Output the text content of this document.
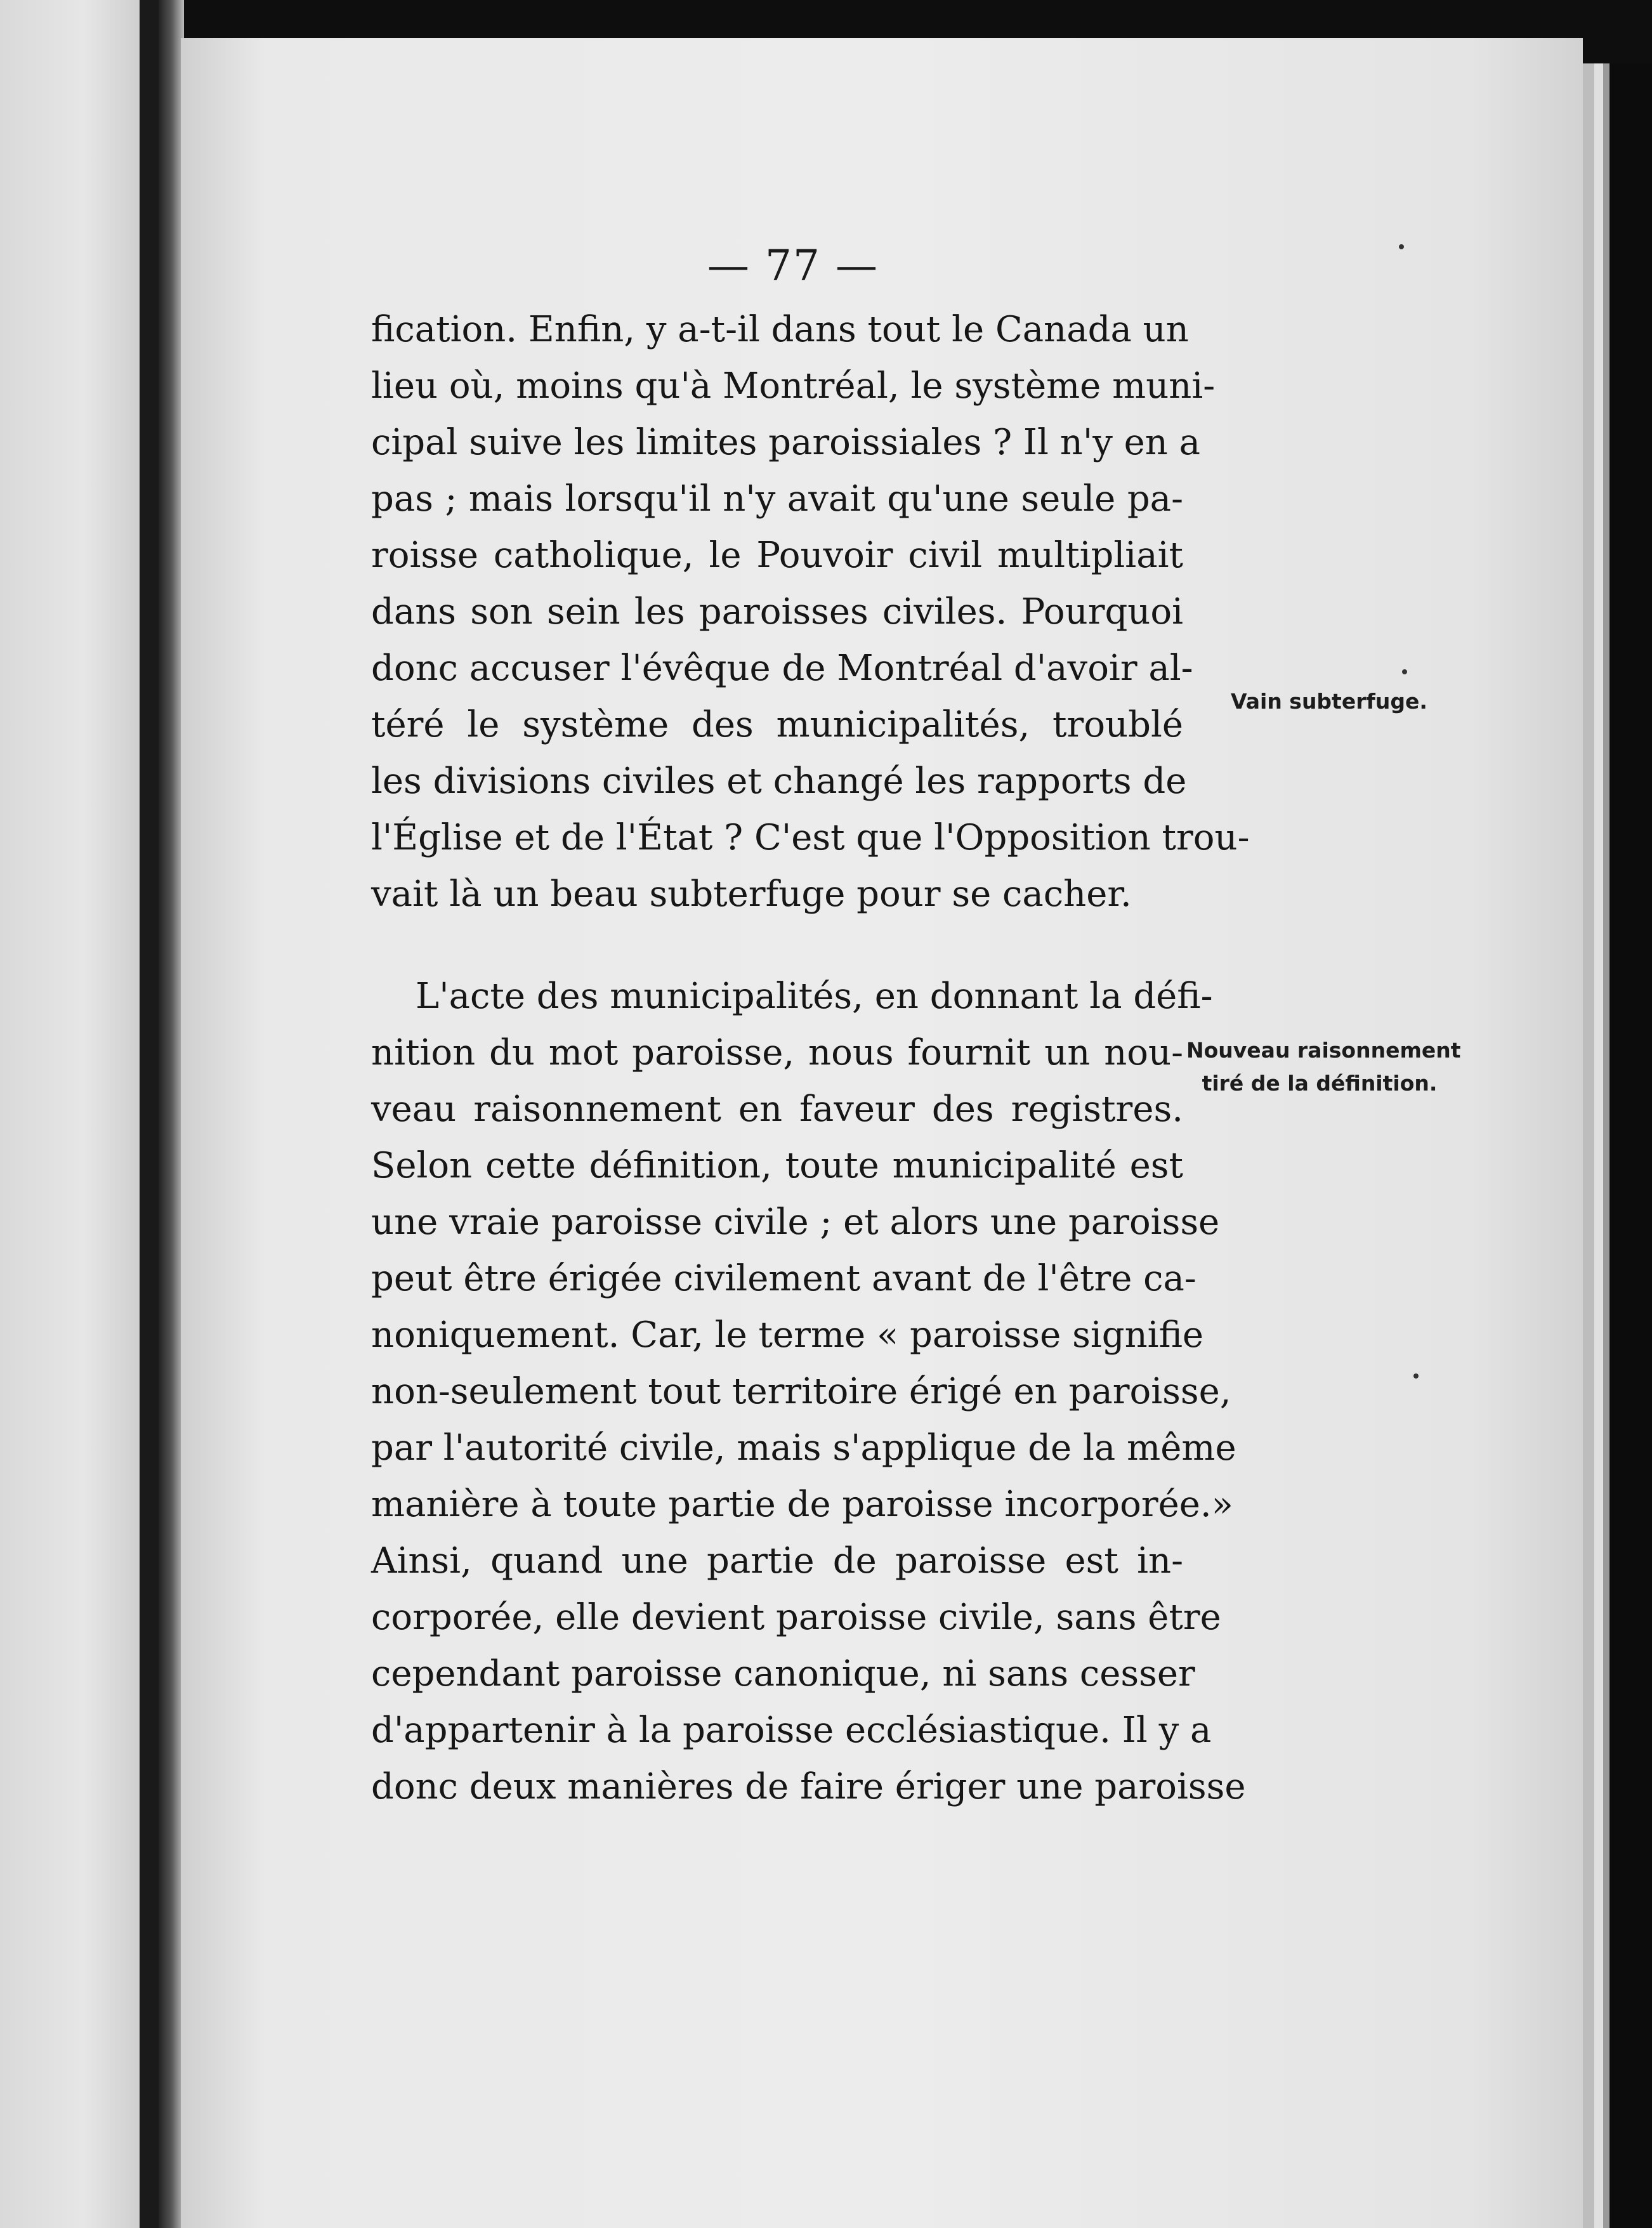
— 77 —
fication. Enfin, y a-t-il dans tout le Canada un
lieu où, moins qu'à Montréal, le système muni-
cipal suive les limites paroissiales ? Il n'y en a
pas ; mais lorsqu'il n'y avait qu'une seule pa-
roisse catholique, le Pouvoir civil multipliait
dans son sein les paroisses civiles. Pourquoi
donc accuser l'évêque de Montréal d'avoir al-
téré le système des municipalités, troublé
les divisions civiles et changé les rapports de
l'Église et de l'État ? C'est que l'Opposition trou-
vait là un beau subterfuge pour se cacher.
L'acte des municipalités, en donnant la défi-
nition du mot paroisse, nous fournit un nou-
veau raisonnement en faveur des registres.
Selon cette définition, toute municipalité est
une vraie paroisse civile ; et alors une paroisse
peut être érigée civilement avant de l'être ca-
noniquement. Car, le terme « paroisse signifie
non-seulement tout territoire érigé en paroisse,
par l'autorité civile, mais s'applique de la même
manière à toute partie de paroisse incorporée.»
Ainsi, quand une partie de paroisse est in-
corporée, elle devient paroisse civile, sans être
cependant paroisse canonique, ni sans cesser
d'appartenir à la paroisse ecclésiastique. Il y a
donc deux manières de faire ériger une paroisse
Vain subterfuge.
Nouveau raisonnement
tiré de la définition.
